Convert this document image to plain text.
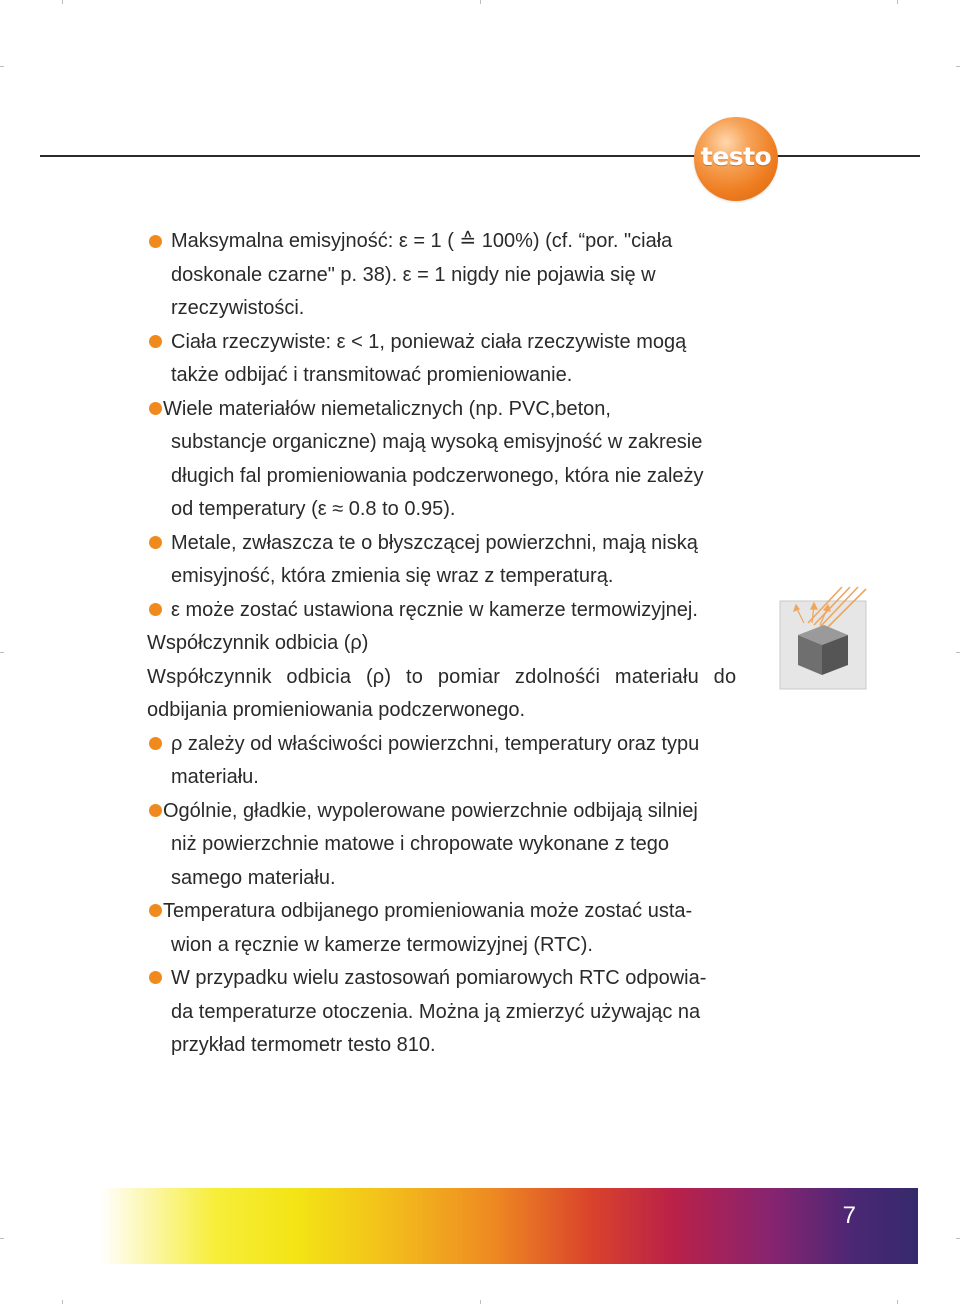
testo
Maksymalna emisyjność: ε = 1 ( ≙ 100%) (cf. “por. "ciała
doskonale czarne" p. 38). ε = 1 nigdy nie pojawia się w
rzeczywistości.
Ciała rzeczywiste: ε < 1, ponieważ ciała rzeczywiste mogą
także odbijać i transmitować promieniowanie.
Wiele materiałów niemetalicznych (np. PVC,beton,
substancje organiczne) mają wysoką emisyjność w zakresie
długich fal promieniowania podczerwonego, która nie zależy
od temperatury (ε ≈ 0.8 to 0.95).
Metale, zwłaszcza te o błyszczącej powierzchni, mają niską
emisyjność, która zmienia się wraz z temperaturą.
ε może zostać ustawiona ręcznie w kamerze termowizyjnej.
Współczynnik odbicia (ρ)
Współczynnik odbicia (ρ) to pomiar zdolnośći materiału do
odbijania promieniowania podczerwonego.
ρ zależy od właściwości powierzchni, temperatury oraz typu
materiału.
Ogólnie, gładkie, wypolerowane powierzchnie odbijają silniej
niż powierzchnie matowe i chropowate wykonane z tego
samego materiału.
Temperatura odbijanego promieniowania może zostać usta-
wion a ręcznie w kamerze termowizyjnej (RTC).
W przypadku wielu zastosowań pomiarowych RTC odpowia-
da temperaturze otoczenia. Można ją zmierzyć używając na
przykład termometr testo 810.
7
